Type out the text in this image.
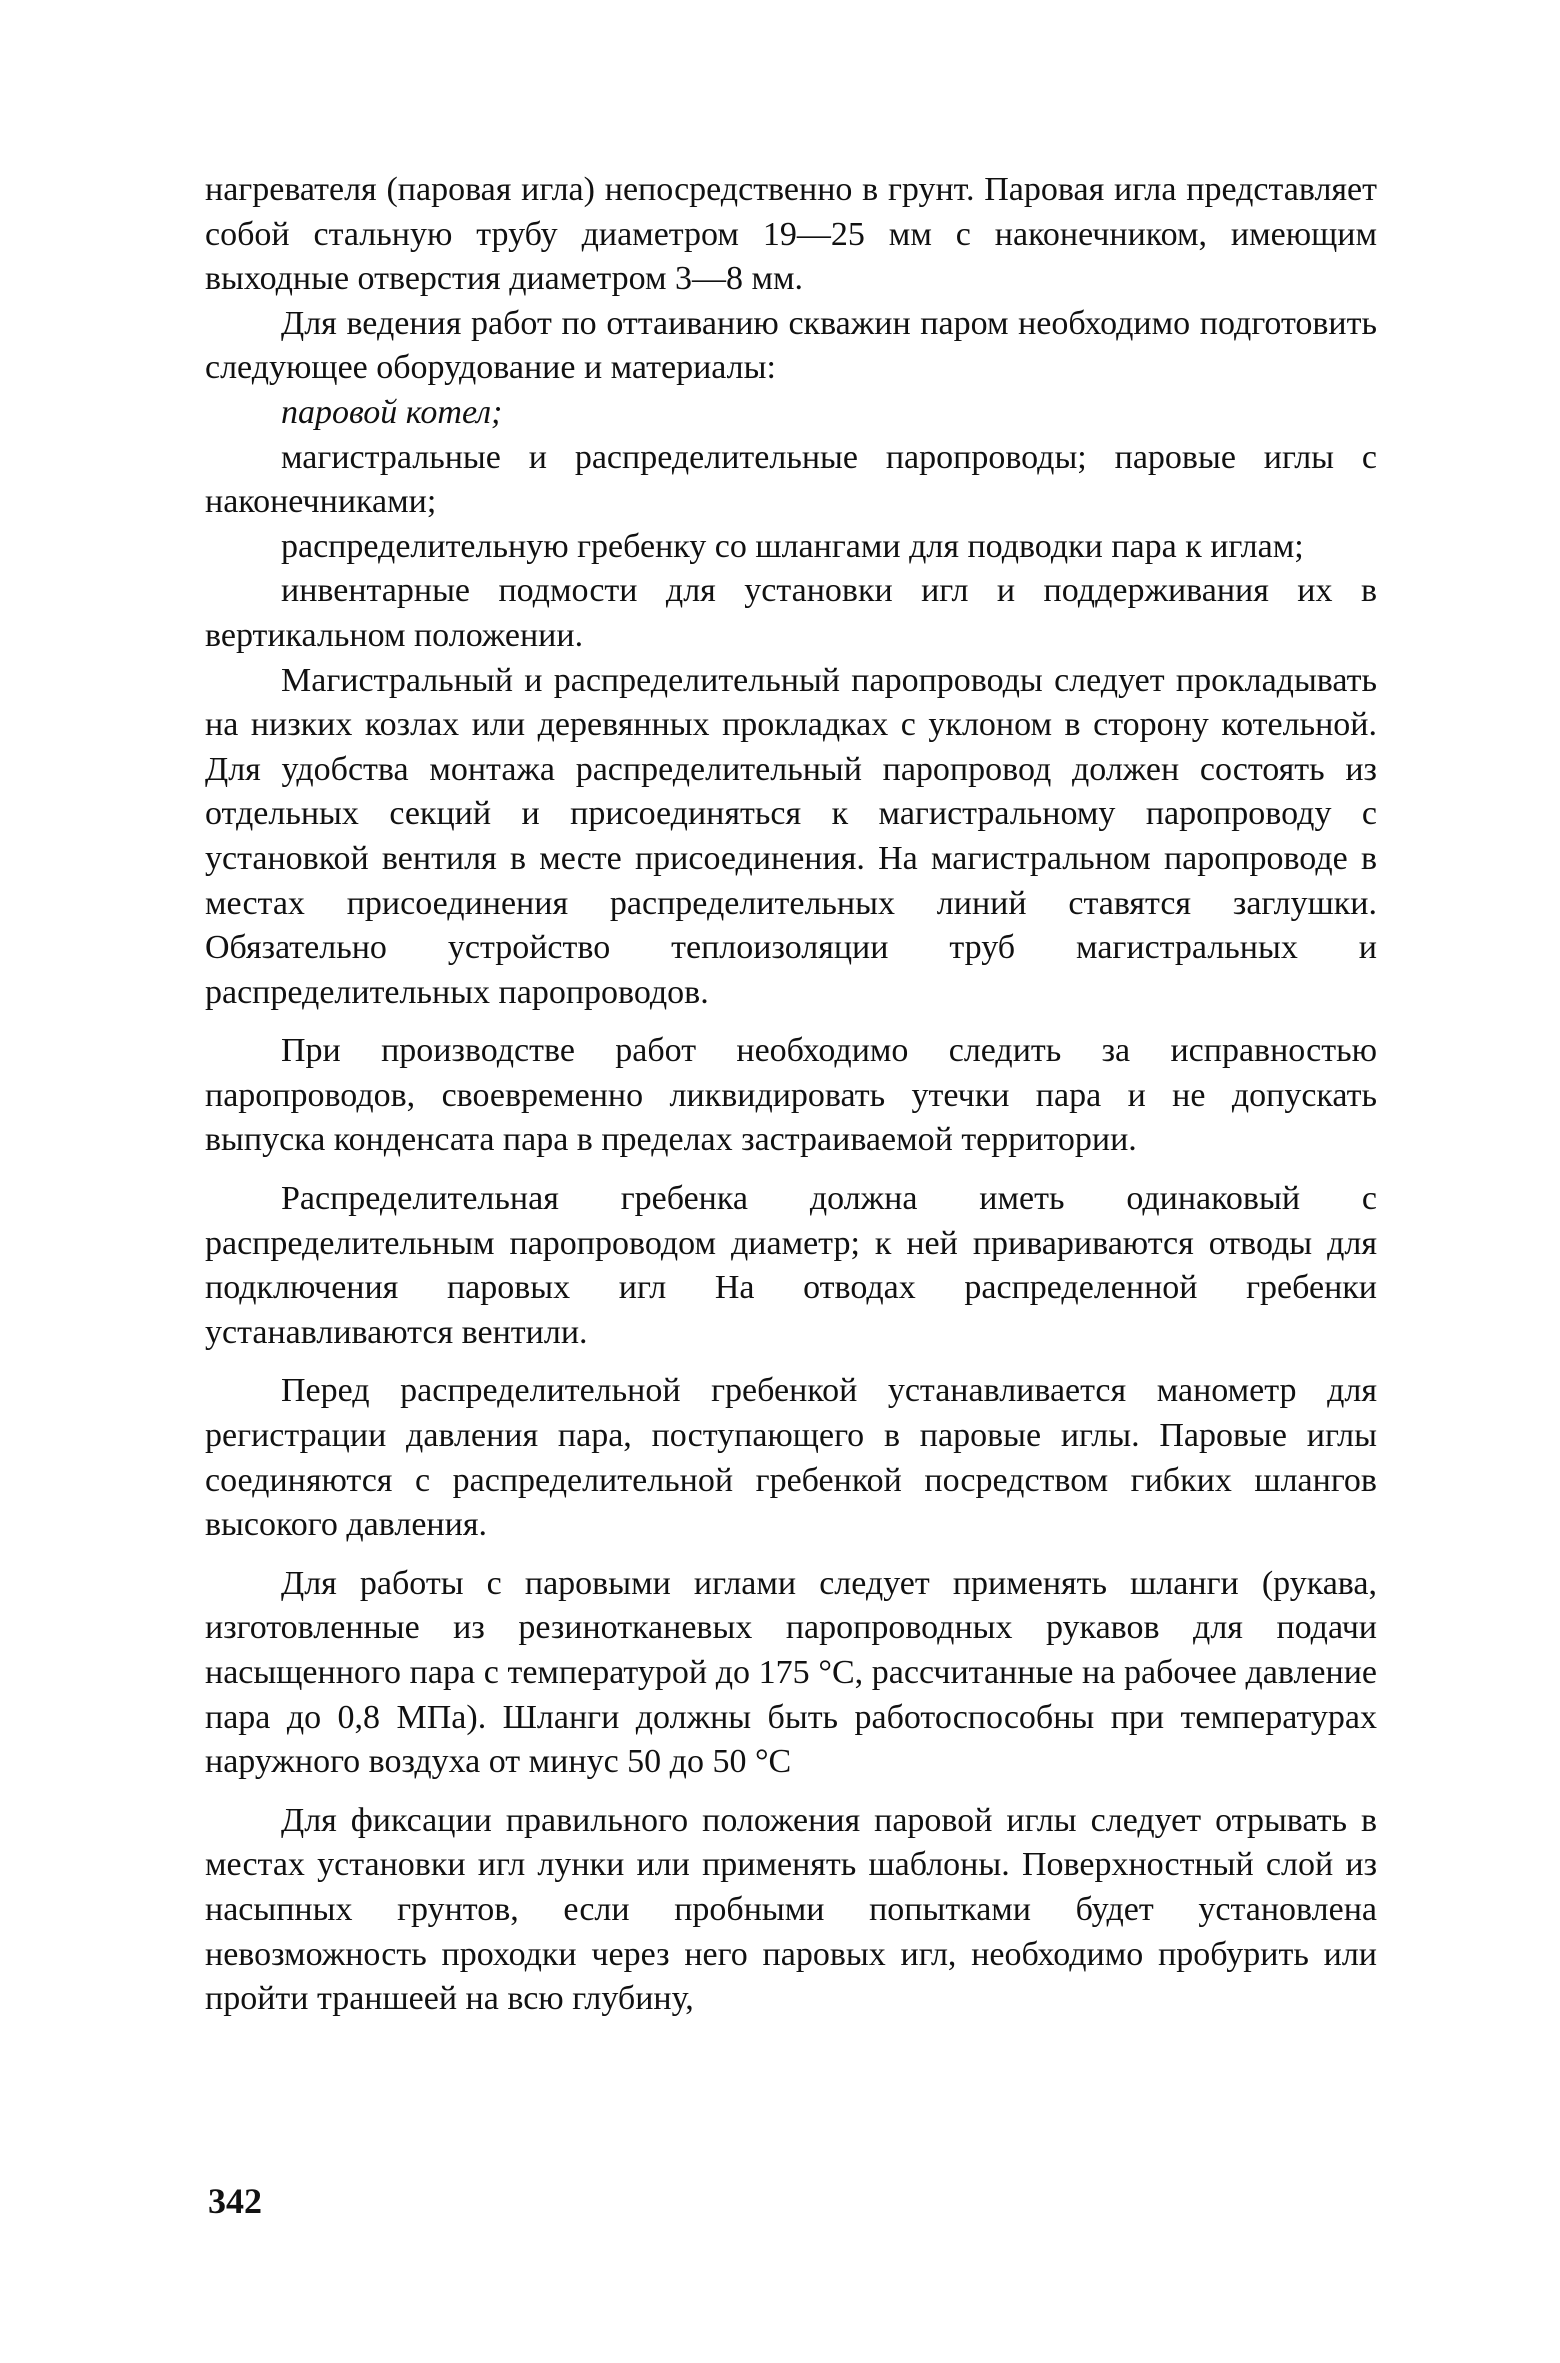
нагревателя (паровая игла) непосредственно в грунт. Паровая игла представляет собой стальную трубу диаметром 19—25 мм с наконечником, имеющим выходные отверстия диаметром 3—8 мм.

Для ведения работ по оттаиванию скважин паром необходимо подготовить следующее оборудование и материалы:

паровой котел;

магистральные и распределительные паропроводы; паровые иглы с наконечниками;

распределительную гребенку со шлангами для подводки пара к иглам;

инвентарные подмости для установки игл и поддерживания их в вертикальном положении.

Магистральный и распределительный паропроводы следует прокладывать на низких козлах или деревянных прокладках с уклоном в сторону котельной. Для удобства монтажа распределительный паропровод должен состоять из отдельных секций и присоединяться к магистральному паропроводу с установкой вентиля в месте присоединения. На магистральном паропроводе в местах присоединения распределительных линий ставятся заглушки. Обязательно устройство теплоизоляции труб магистральных и распределительных паропроводов.

При производстве работ необходимо следить за исправностью паропроводов, своевременно ликвидировать утечки пара и не допускать выпуска конденсата пара в пределах застраиваемой территории.

Распределительная гребенка должна иметь одинаковый с распределительным паропроводом диаметр; к ней привариваются отводы для подключения паровых игл На отводах распределенной гребенки устанавливаются вентили.

Перед распределительной гребенкой устанавливается манометр для регистрации давления пара, поступающего в паровые иглы. Паровые иглы соединяются с распределительной гребенкой посредством гибких шлангов высокого давления.

Для работы с паровыми иглами следует применять шланги (рукава, изготовленные из резинотканевых паропроводных рукавов для подачи насыщенного пара с температурой до 175 °С, рассчитанные на рабочее давление пара до 0,8 МПа). Шланги должны быть работоспособны при температурах наружного воздуха от минус 50 до 50 °С

Для фиксации правильного положения паровой иглы следует отрывать в местах установки игл лунки или применять шаблоны. Поверхностный слой из насыпных грунтов, если пробными попытками будет установлена невозможность проходки через него паровых игл, необходимо пробурить или пройти траншеей на всю глубину,

342
